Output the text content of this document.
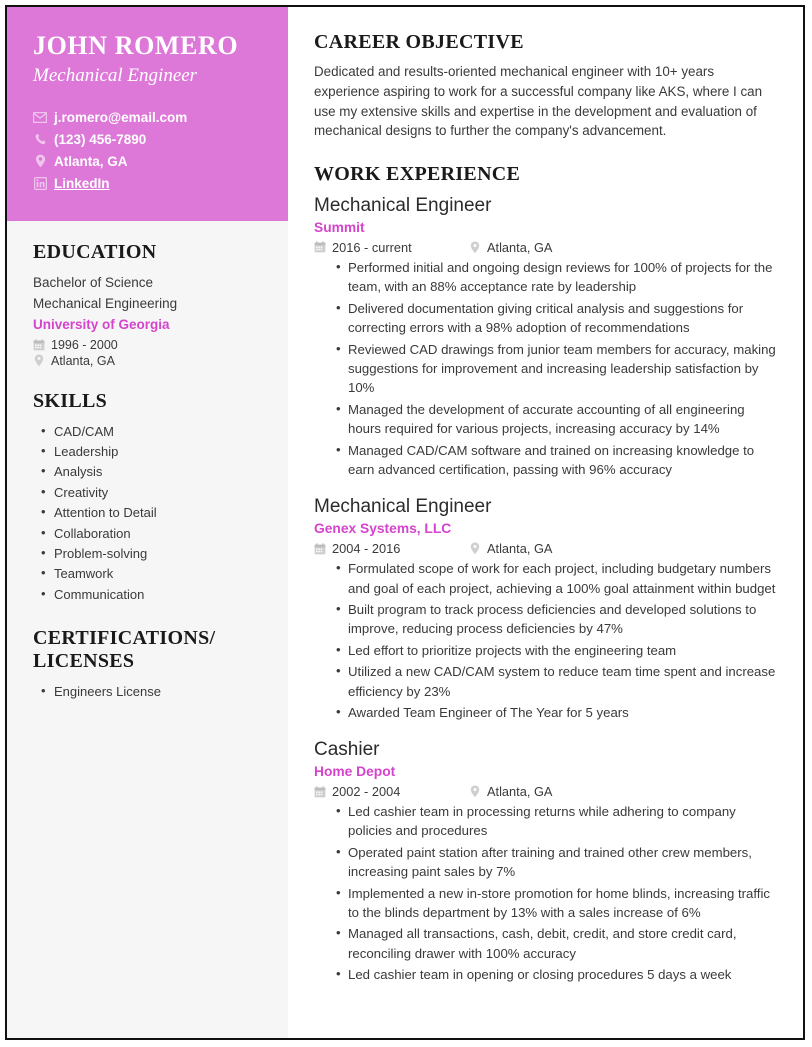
JOHN ROMERO
Mechanical Engineer
j.romero@email.com
(123) 456-7890
Atlanta, GA
LinkedIn
EDUCATION
Bachelor of Science
Mechanical Engineering
University of Georgia
1996 - 2000
Atlanta, GA
SKILLS
• CAD/CAM
• Leadership
• Analysis
• Creativity
• Attention to Detail
• Collaboration
• Problem-solving
• Teamwork
• Communication
CERTIFICATIONS/ LICENSES
• Engineers License
CAREER OBJECTIVE

Dedicated and results-oriented mechanical engineer with 10+ years experience aspiring to work for a successful company like AKS, where I can use my extensive skills and expertise in the development and evaluation of mechanical designs to further the company's advancement.

WORK EXPERIENCE
Mechanical Engineer
Summit
2016 - current	Atlanta, GA
• Performed initial and ongoing design reviews for 100% of projects for the team, with an 88% acceptance rate by leadership
• Delivered documentation giving critical analysis and suggestions for correcting errors with a 98% adoption of recommendations
• Reviewed CAD drawings from junior team members for accuracy, making suggestions for improvement and increasing leadership satisfaction by 10%
• Managed the development of accurate accounting of all engineering hours required for various projects, increasing accuracy by 14%
• Managed CAD/CAM software and trained on increasing knowledge to earn advanced certification, passing with 96% accuracy
Mechanical Engineer
Genex Systems, LLC
2004 - 2016	Atlanta, GA
• Formulated scope of work for each project, including budgetary numbers and goal of each project, achieving a 100% goal attainment within budget
• Built program to track process deficiencies and developed solutions to improve, reducing process deficiencies by 47%
• Led effort to prioritize projects with the engineering team
• Utilized a new CAD/CAM system to reduce team time spent and increase efficiency by 23%
• Awarded Team Engineer of The Year for 5 years
Cashier
Home Depot
2002 - 2004	Atlanta, GA
• Led cashier team in processing returns while adhering to company policies and procedures
• Operated paint station after training and trained other crew members, increasing paint sales by 7%
• Implemented a new in-store promotion for home blinds, increasing traffic to the blinds department by 13% with a sales increase of 6%
• Managed all transactions, cash, debit, credit, and store credit card, reconciling drawer with 100% accuracy
• Led cashier team in opening or closing procedures 5 days a week
